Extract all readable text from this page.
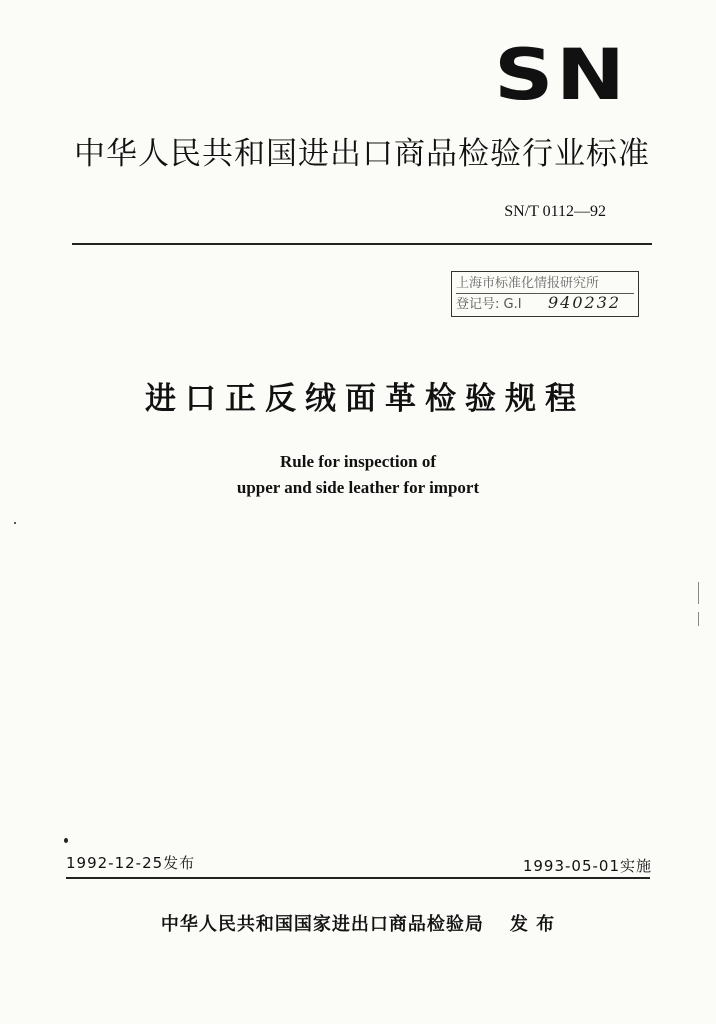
SN
中华人民共和国进出口商品检验行业标准
SN/T 0112—92
上海市标准化情报研究所
登记号: G.I 940232
进口正反绒面革检验规程
Rule for inspection of
upper and side leather for import
1992-12-25发布	1993-05-01实施
中华人民共和国国家进出口商品检验局 发 布
